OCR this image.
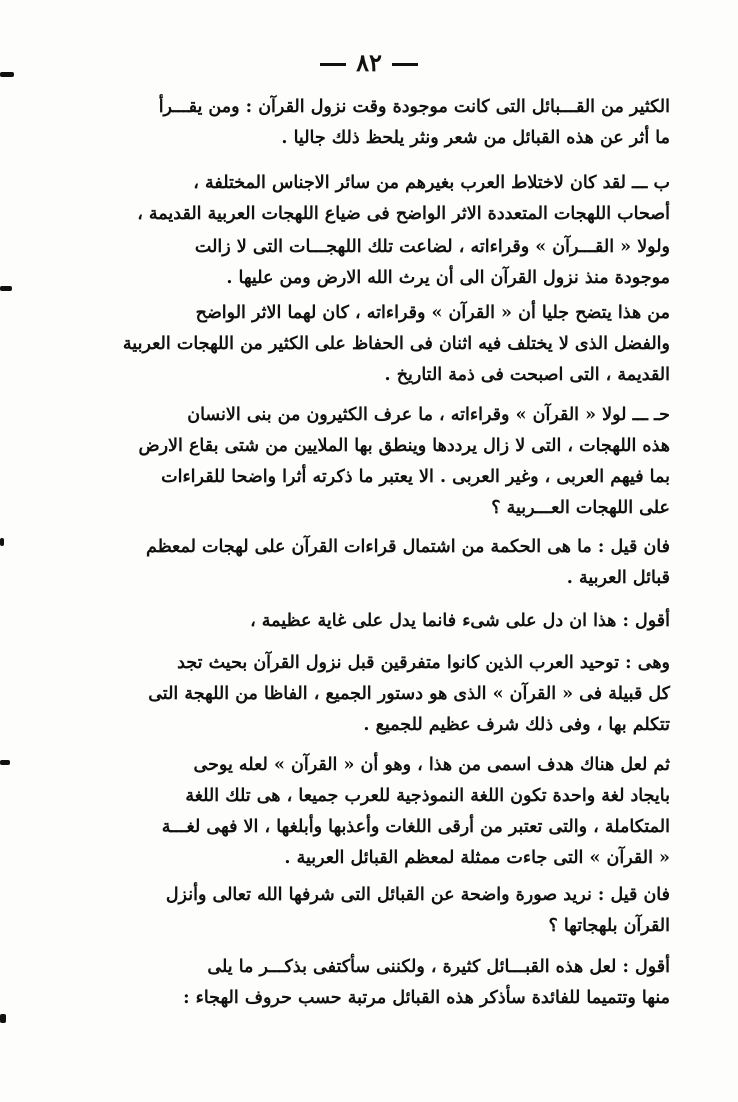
٨٢

الكثير من القـــبائل التى كانت موجودة وقت نزول القرآن : ومن يقـــرأ

ما أثر عن هذه القبائل من شعر ونثر يلحظ ذلك جاليا .

ب ـــ لقد كان لاختلاط العرب بغيرهم من سائر الاجناس المختلفة ،

أصحاب اللهجات المتعددة الاثر الواضح فى ضياع اللهجات العربية القديمة ،

ولولا « القـــرآن » وقراءاته ، لضاعت تلك اللهجـــات التى لا زالت

موجودة منذ نزول القرآن الى أن يرث الله الارض ومن عليها .

من هذا يتضح جليا أن « القرآن » وقراءاته ، كان لهما الاثر الواضح

والفضل الذى لا يختلف فيه اثنان فى الحفاظ على الكثير من اللهجات العربية

القديمة ، التى اصبحت فى ذمة التاريخ .

حـ ـــ لولا « القرآن » وقراءاته ، ما عرف الكثيرون من بنى الانسان

هذه اللهجات ، التى لا زال يرددها وينطق بها الملايين من شتى بقاع الارض

بما فيهم العربى ، وغير العربى . الا يعتبر ما ذكرته أثرا واضحا للقراءات

على اللهجات العـــربية ؟

فان قيل : ما هى الحكمة من اشتمال قراءات القرآن على لهجات لمعظم

قبائل العربية .

أقول : هذا ان دل على شىء فانما يدل على غاية عظيمة ،

وهى : توحيد العرب الذين كانوا متفرقين قبل نزول القرآن بحيث تجد

كل قبيلة فى « القرآن » الذى هو دستور الجميع ، الفاظا من اللهجة التى

تتكلم بها ، وفى ذلك شرف عظيم للجميع .

ثم لعل هناك هدف اسمى من هذا ، وهو أن « القرآن » لعله يوحى

بايجاد لغة واحدة تكون اللغة النموذجية للعرب جميعا ، هى تلك اللغة

المتكاملة ، والتى تعتبر من أرقى اللغات وأعذبها وأبلغها ، الا فهى لغـــة

« القرآن » التى جاءت ممثلة لمعظم القبائل العربية .

فان قيل : نريد صورة واضحة عن القبائل التى شرفها الله تعالى وأنزل

القرآن بلهجاتها ؟

أقول : لعل هذه القبـــائل كثيرة ، ولكننى سأكتفى بذكـــر ما يلى

منها وتتميما للفائدة سأذكر هذه القبائل مرتبة حسب حروف الهجاء :
